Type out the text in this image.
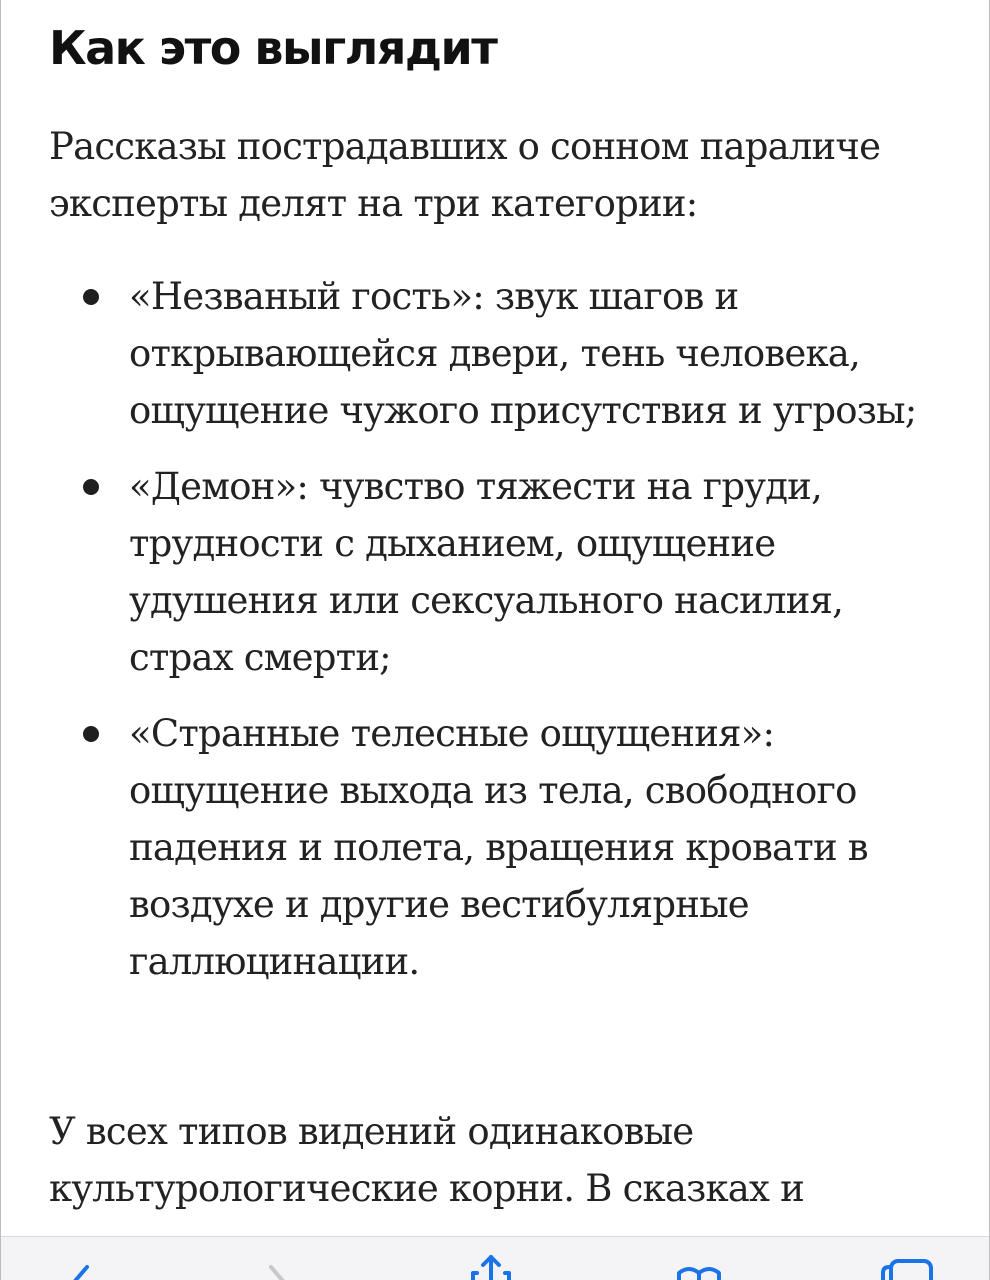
Как это выглядит

Рассказы пострадавших о сонном параличе эксперты делят на три категории:

«Незваный гость»: звук шагов и открывающейся двери, тень человека, ощущение чужого присутствия и угрозы;
«Демон»: чувство тяжести на груди, трудности с дыханием, ощущение удушения или сексуального насилия, страх смерти;
«Странные телесные ощущения»: ощущение выхода из тела, свободного падения и полета, вращения кровати в воздухе и другие вестибулярные галлюцинации.

У всех типов видений одинаковые культурологические корни. В сказках и
